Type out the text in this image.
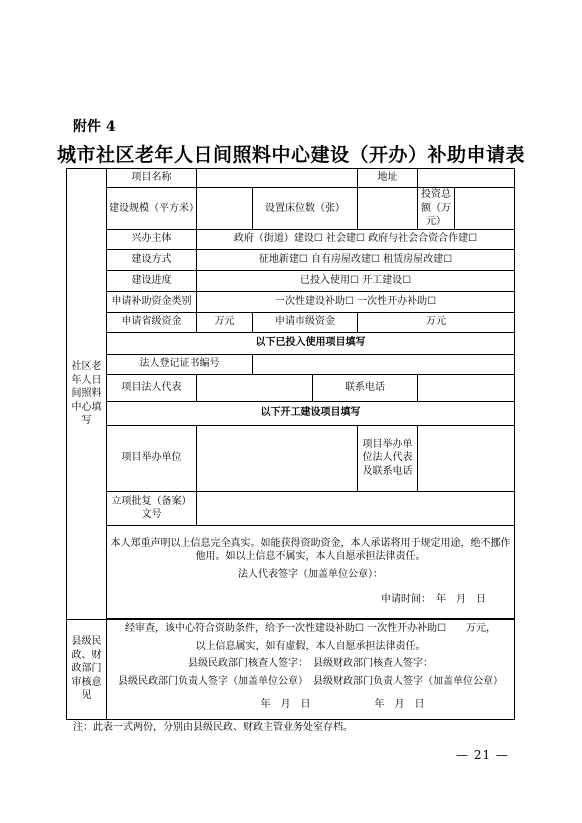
附件 4
城市社区老年人日间照料中心建设（开办）补助申请表
社区老年人日间照料中心填写	项目名称				地址		
	建设规模（平方米）		设置床位数（张）			投资总额（万元）	
	兴办主体	政府（街道）建设☐ 社会建☐ 政府与社会合资合作建☐					
	建设方式	征地新建☐ 自有房屋改建☐ 租赁房屋改建☐					
	建设进度	已投入使用☐ 开工建设☐					
	申请补助资金类别	一次性建设补助☐ 一次性开办补助☐					
	申请省级资金	万元	申请市级资金		万元		
	以下已投入使用项目填写						
	法人登记证书编号						
	项目法人代表			联系电话			
	以下开工建设项目填写						
	项目举办单位				项目举办单位法人代表及联系电话		
	立项批复（备案）文号						

	本人郑重声明以上信息完全真实。如能获得资助资金，本人承诺将用于规定用途，绝不挪作他用。如以上信息不属实，本人自愿承担法律责任。
法人代表签字（加盖单位公章）：
申请时间：　年　月　日						

县级民政、财政部门审核意见	经审查，该中心符合资助条件，给予一次性建设补助☐ 一次性开办补助☐　　万元，
以上信息属实，如有虚假，本人自愿承担法律责任。
县级民政部门核查人签字：　 县级财政部门核查人签字：
县级民政部门负责人签字（加盖单位公章）　 县级财政部门负责人签字（加盖单位公章）
年　月　日 年　月　日						
注：此表一式两份，分别由县级民政、财政主管业务处室存档。
— 21 —
